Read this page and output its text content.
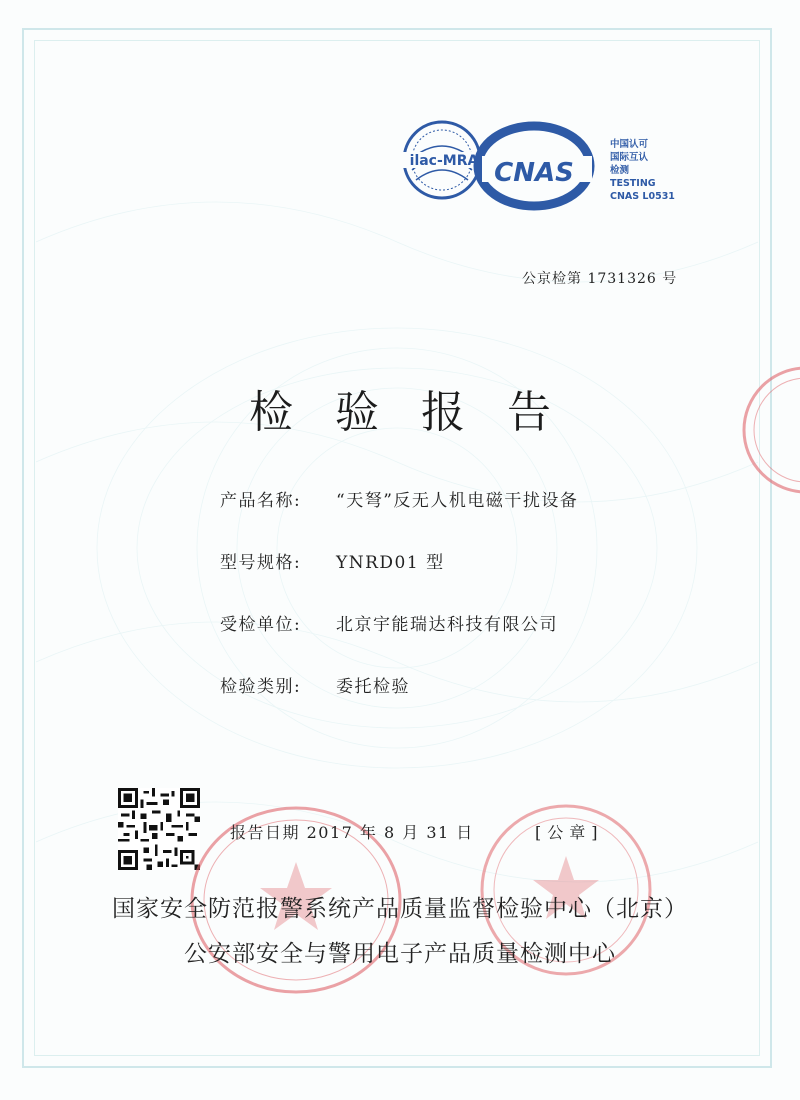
ilac-MRA CNAS
中国认可
国际互认
检测
TESTING
CNAS L0531
公京检第 1731326 号
检验报告
产品名称: “天弩”反无人机电磁干扰设备
型号规格: YNRD01 型
受检单位: 北京宇能瑞达科技有限公司
检验类别: 委托检验
报告日期 2017 年 8 月 31 日	[公章]
国家安全防范报警系统产品质量监督检验中心（北京）
公安部安全与警用电子产品质量检测中心
